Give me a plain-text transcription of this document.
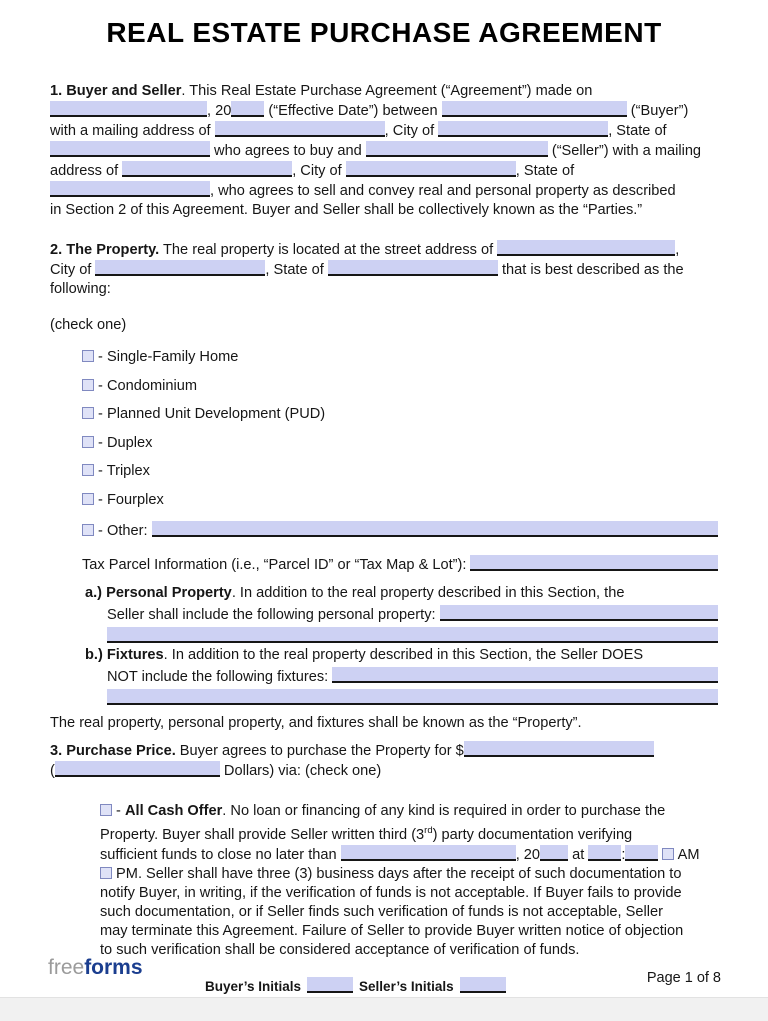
REAL ESTATE PURCHASE AGREEMENT
1. Buyer and Seller. This Real Estate Purchase Agreement (“Agreement”) made on
, 20 (“Effective Date”) between	(“Buyer”)
with a mailing address of	, City of	, State of
who agrees to buy and	(“Seller”) with a mailing
address of	, City of	, State of
, who agrees to sell and convey real and personal property as described
in Section 2 of this Agreement. Buyer and Seller shall be collectively known as the “Parties.”
2. The Property. The real property is located at the street address of	,
City of	, State of	that is best described as the
following:
(check one)
- Single-Family Home
- Condominium
- Planned Unit Development (PUD)
- Duplex
- Triplex
- Fourplex
- Other:
Tax Parcel Information (i.e., “Parcel ID” or “Tax Map & Lot”):
a.) Personal Property. In addition to the real property described in this Section, the
Seller shall include the following personal property:
b.) Fixtures. In addition to the real property described in this Section, the Seller DOES
NOT include the following fixtures:
The real property, personal property, and fixtures shall be known as the “Property”.
3. Purchase Price. Buyer agrees to purchase the Property for $
(	Dollars) via: (check one)
- All Cash Offer. No loan or financing of any kind is required in order to purchase the
Property. Buyer shall provide Seller written third (3rd) party documentation verifying
sufficient funds to close no later than	, 20 at :	AM
PM. Seller shall have three (3) business days after the receipt of such documentation to
notify Buyer, in writing, if the verification of funds is not acceptable. If Buyer fails to provide
such documentation, or if Seller finds such verification of funds is not acceptable, Seller
may terminate this Agreement. Failure of Seller to provide Buyer written notice of objection
to such verification shall be considered acceptance of verification of funds.
freeforms
Buyer’s Initials	Seller’s Initials
Page 1 of 8
